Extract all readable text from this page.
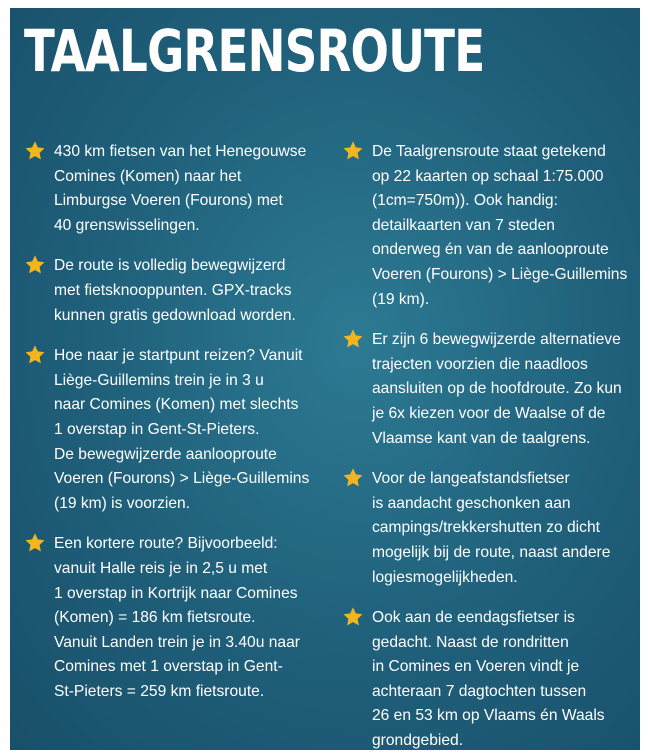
TAALGRENSROUTE
430 km fietsen van het Henegouwse
Comines (Komen) naar het
Limburgse Voeren (Fourons) met
40 grenswisselingen.
De route is volledig bewegwijzerd
met fietsknooppunten. GPX-tracks
kunnen gratis gedownload worden.
Hoe naar je startpunt reizen? Vanuit
Liège-Guillemins trein je in 3 u
naar Comines (Komen) met slechts
1 overstap in Gent-St-Pieters.
De bewegwijzerde aanlooproute
Voeren (Fourons) > Liège-Guillemins
(19 km) is voorzien.
Een kortere route? Bijvoorbeeld:
vanuit Halle reis je in 2,5 u met
1 overstap in Kortrijk naar Comines
(Komen) = 186 km fietsroute.
Vanuit Landen trein je in 3.40u naar
Comines met 1 overstap in Gent-
St-Pieters = 259 km fietsroute.
De Taalgrensroute staat getekend
op 22 kaarten op schaal 1:75.000
(1cm=750m)). Ook handig:
detailkaarten van 7 steden
onderweg én van de aanlooproute
Voeren (Fourons) > Liège-Guillemins
(19 km).
Er zijn 6 bewegwijzerde alternatieve
trajecten voorzien die naadloos
aansluiten op de hoofdroute. Zo kun
je 6x kiezen voor de Waalse of de
Vlaamse kant van de taalgrens.
Voor de langeafstandsfietser
is aandacht geschonken aan
campings/trekkershutten zo dicht
mogelijk bij de route, naast andere
logiesmogelijkheden.
Ook aan de eendagsfietser is
gedacht. Naast de rondritten
in Comines en Voeren vindt je
achteraan 7 dagtochten tussen
26 en 53 km op Vlaams én Waals
grondgebied.
